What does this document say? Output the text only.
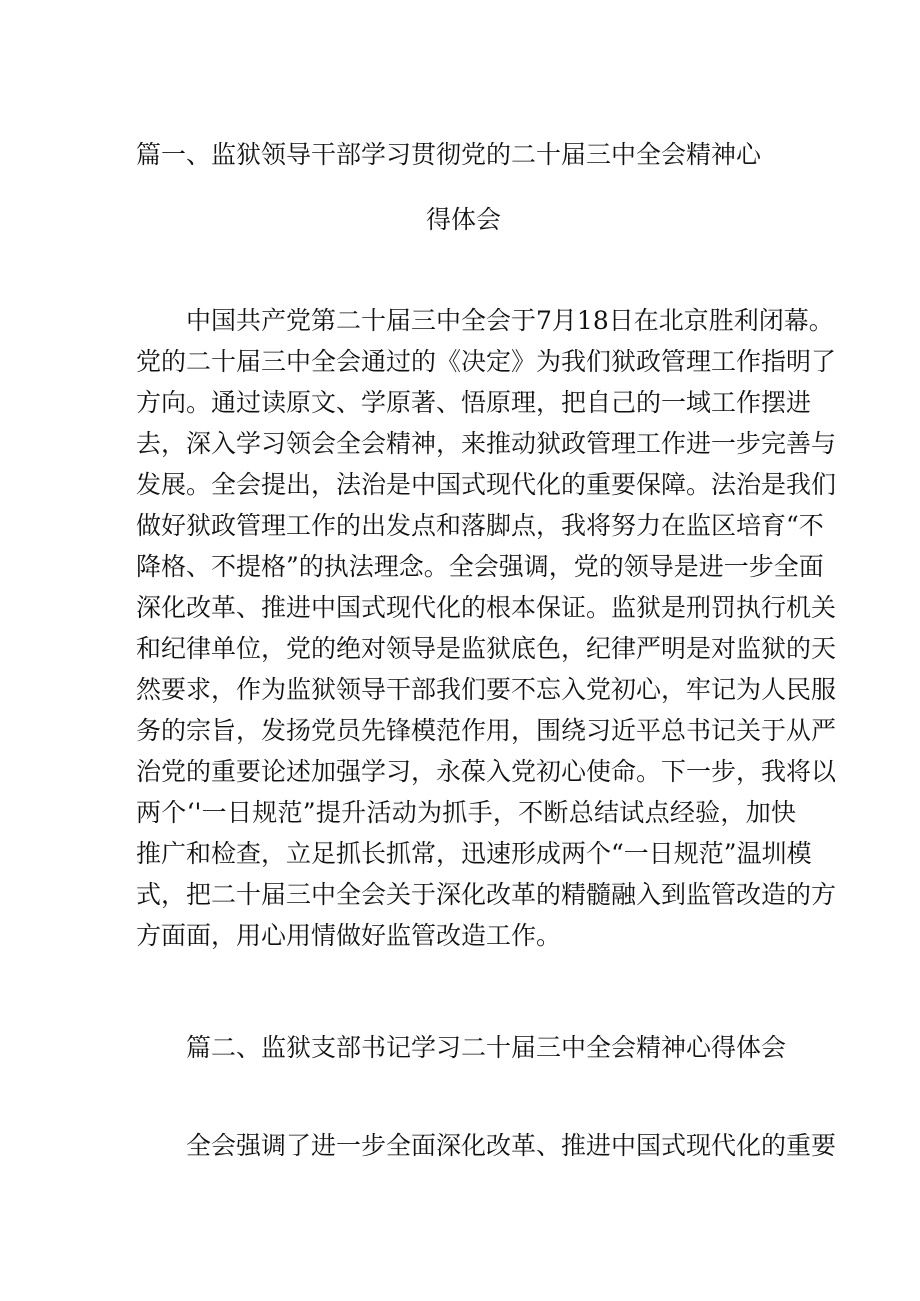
篇一、监狱领导干部学习贯彻党的二十届三中全会精神心
得体会
中国共产党第二十届三中全会于7月18日在北京胜利闭幕。
党的二十届三中全会通过的《决定》为我们狱政管理工作指明了
方向。通过读原文、学原著、悟原理，把自己的一域工作摆进
去，深入学习领会全会精神，来推动狱政管理工作进一步完善与
发展。全会提出，法治是中国式现代化的重要保障。法治是我们
做好狱政管理工作的出发点和落脚点，我将努力在监区培育“不
降格、不提格”的执法理念。全会强调，党的领导是进一步全面
深化改革、推进中国式现代化的根本保证。监狱是刑罚执行机关
和纪律单位，党的绝对领导是监狱底色，纪律严明是对监狱的天
然要求，作为监狱领导干部我们要不忘入党初心，牢记为人民服
务的宗旨，发扬党员先锋模范作用，围绕习近平总书记关于从严
治党的重要论述加强学习，永葆入党初心使命。下一步，我将以
两个‘'一日规范”提升活动为抓手，不断总结试点经验，加快
推广和检查，立足抓长抓常，迅速形成两个“一日规范”温圳模
式，把二十届三中全会关于深化改革的精髓融入到监管改造的方
方面面，用心用情做好监管改造工作。
篇二、监狱支部书记学习二十届三中全会精神心得体会
全会强调了进一步全面深化改革、推进中国式现代化的重要
